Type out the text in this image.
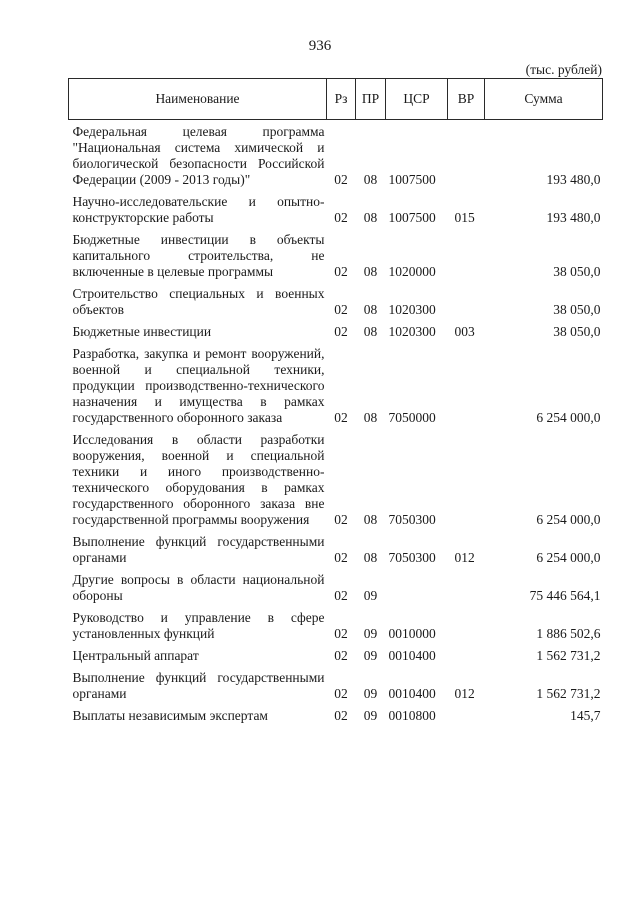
936
(тыс. рублей)
Наименование	Рз	ПР	ЦСР	ВР	Сумма
Федеральная целевая программа "Национальная система химической и биологической безопасности Российской Федерации (2009 - 2013 годы)"	02	08	1007500		193 480,0
Научно-исследовательские и опытно-конструкторские работы	02	08	1007500	015	193 480,0
Бюджетные инвестиции в объекты капитального строительства, не включенные в целевые программы	02	08	1020000		38 050,0
Строительство специальных и военных объектов	02	08	1020300		38 050,0
Бюджетные инвестиции	02	08	1020300	003	38 050,0
Разработка, закупка и ремонт вооружений, военной и специальной техники, продукции производственно-технического назначения и имущества в рамках государственного оборонного заказа	02	08	7050000		6 254 000,0
Исследования в области разработки вооружения, военной и специальной техники и иного производственно-технического оборудования в рамках государственного оборонного заказа вне государственной программы вооружения	02	08	7050300		6 254 000,0
Выполнение функций государственными органами	02	08	7050300	012	6 254 000,0
Другие вопросы в области национальной обороны	02	09			75 446 564,1
Руководство и управление в сфере установленных функций	02	09	0010000		1 886 502,6
Центральный аппарат	02	09	0010400		1 562 731,2
Выполнение функций государственными органами	02	09	0010400	012	1 562 731,2
Выплаты независимым экспертам	02	09	0010800		145,7
